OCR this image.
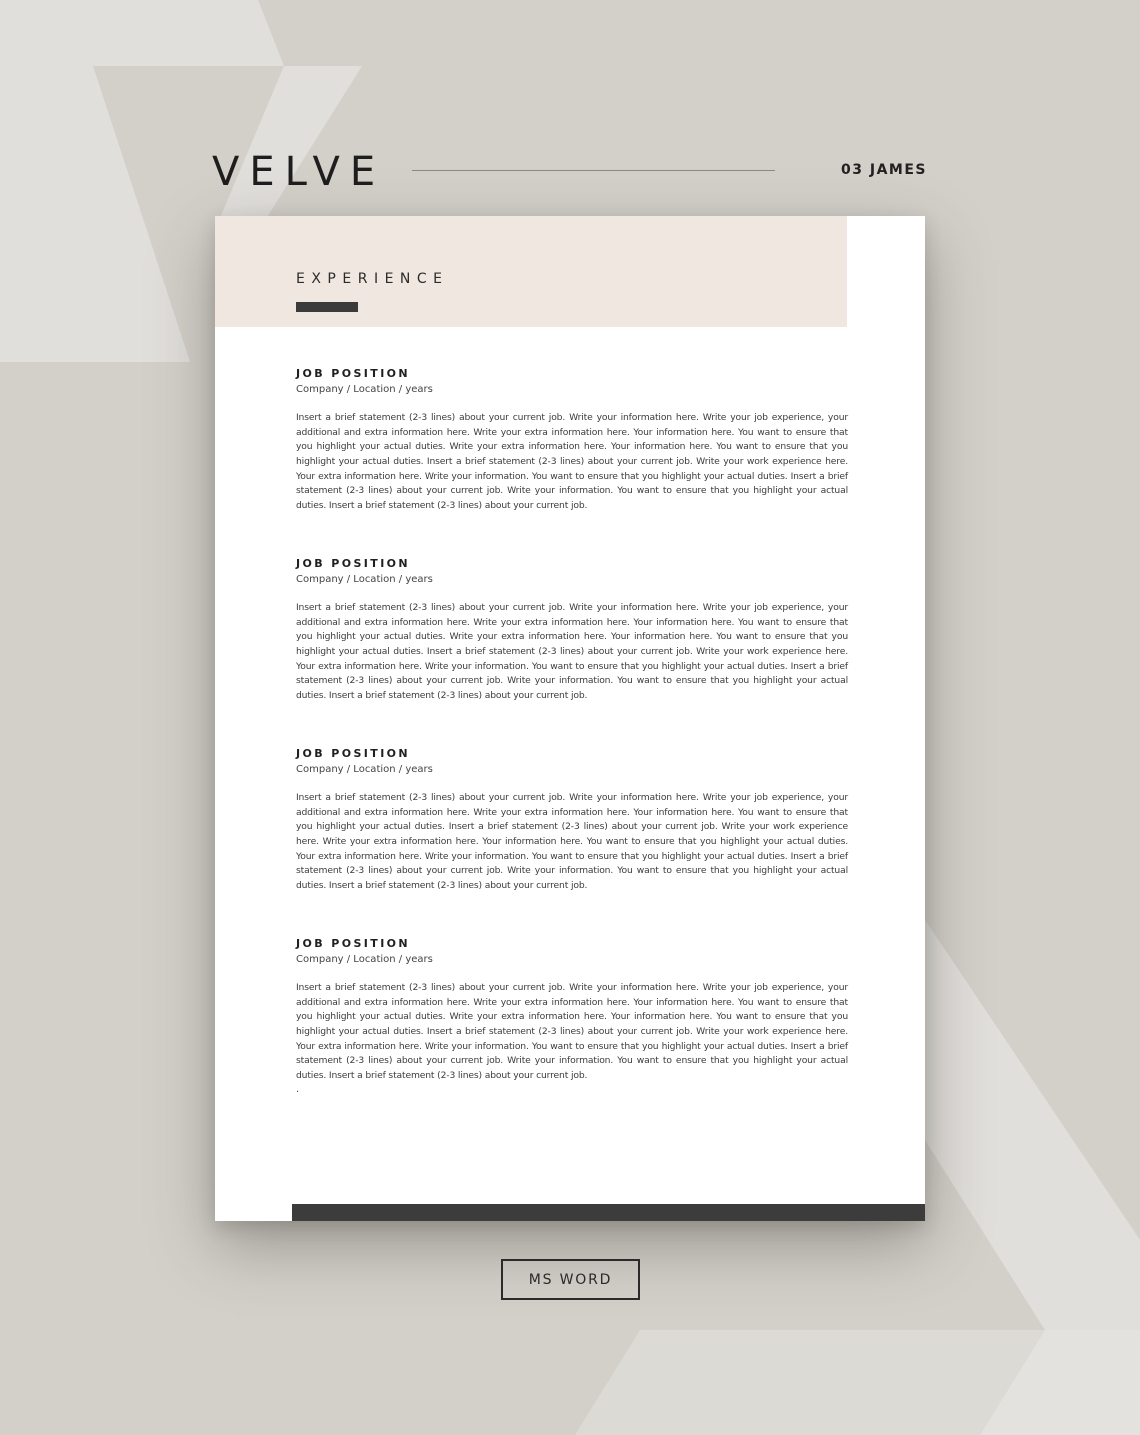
VELVE	03 JAMES
EXPERIENCE
JOB POSITION
Company / Location / years
Insert a brief statement (2-3 lines) about your current job. Write your information here. Write your job experience, your additional and extra information here. Write your extra information here. Your information here. You want to ensure that you highlight your actual duties. Write your extra information here. Your information here. You want to ensure that you highlight your actual duties. Insert a brief statement (2-3 lines) about your current job. Write your work experience here. Your extra information here. Write your information. You want to ensure that you highlight your actual duties. Insert a brief statement (2-3 lines) about your current job. Write your information. You want to ensure that you highlight your actual duties. Insert a brief statement (2-3 lines) about your current job.
JOB POSITION
Company / Location / years
Insert a brief statement (2-3 lines) about your current job. Write your information here. Write your job experience, your additional and extra information here. Write your extra information here. Your information here. You want to ensure that you highlight your actual duties. Write your extra information here. Your information here. You want to ensure that you highlight your actual duties. Insert a brief statement (2-3 lines) about your current job. Write your work experience here. Your extra information here. Write your information. You want to ensure that you highlight your actual duties. Insert a brief statement (2-3 lines) about your current job. Write your information. You want to ensure that you highlight your actual duties. Insert a brief statement (2-3 lines) about your current job.
JOB POSITION
Company / Location / years
Insert a brief statement (2-3 lines) about your current job. Write your information here. Write your job experience, your additional and extra information here. Write your extra information here. Your information here. You want to ensure that you highlight your actual duties. Insert a brief statement (2-3 lines) about your current job. Write your work experience here. Write your extra information here. Your information here. You want to ensure that you highlight your actual duties. Your extra information here. Write your information. You want to ensure that you highlight your actual duties. Insert a brief statement (2-3 lines) about your current job. Write your information. You want to ensure that you highlight your actual duties. Insert a brief statement (2-3 lines) about your current job.
JOB POSITION
Company / Location / years
Insert a brief statement (2-3 lines) about your current job. Write your information here. Write your job experience, your additional and extra information here. Write your extra information here. Your information here. You want to ensure that you highlight your actual duties. Write your extra information here. Your information here. You want to ensure that you highlight your actual duties. Insert a brief statement (2-3 lines) about your current job. Write your work experience here. Your extra information here. Write your information. You want to ensure that you highlight your actual duties. Insert a brief statement (2-3 lines) about your current job. Write your information. You want to ensure that you highlight your actual duties. Insert a brief statement (2-3 lines) about your current job.
.
MS WORD
